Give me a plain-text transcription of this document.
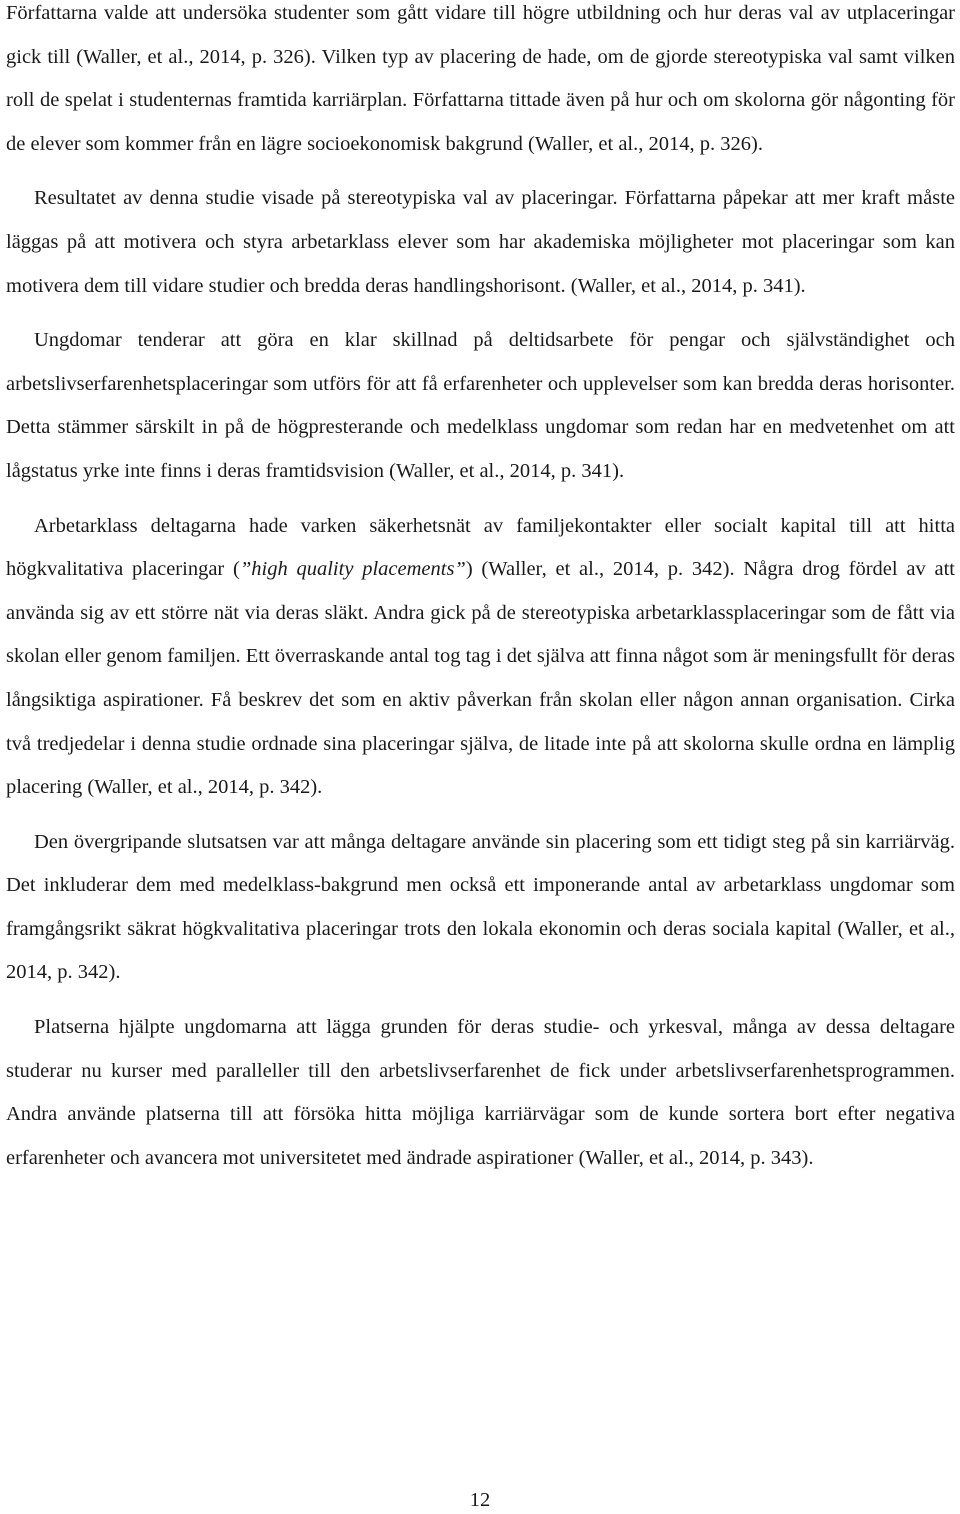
Författarna valde att undersöka studenter som gått vidare till högre utbildning och hur deras val av utplaceringar gick till (Waller, et al., 2014, p. 326). Vilken typ av placering de hade, om de gjorde stereotypiska val samt vilken roll de spelat i studenternas framtida karriärplan. Författarna tittade även på hur och om skolorna gör någonting för de elever som kommer från en lägre socioekonomisk bakgrund (Waller, et al., 2014, p. 326).

Resultatet av denna studie visade på stereotypiska val av placeringar. Författarna påpekar att mer kraft måste läggas på att motivera och styra arbetarklass elever som har akademiska möjligheter mot placeringar som kan motivera dem till vidare studier och bredda deras handlingshorisont. (Waller, et al., 2014, p. 341).

Ungdomar tenderar att göra en klar skillnad på deltidsarbete för pengar och självständighet och arbetslivserfarenhetsplaceringar som utförs för att få erfarenheter och upplevelser som kan bredda deras horisonter. Detta stämmer särskilt in på de högpresterande och medelklass ungdomar som redan har en medvetenhet om att lågstatus yrke inte finns i deras framtidsvision (Waller, et al., 2014, p. 341).

Arbetarklass deltagarna hade varken säkerhetsnät av familjekontakter eller socialt kapital till att hitta högkvalitativa placeringar (”high quality placements”) (Waller, et al., 2014, p. 342). Några drog fördel av att använda sig av ett större nät via deras släkt. Andra gick på de stereotypiska arbetarklassplaceringar som de fått via skolan eller genom familjen. Ett överraskande antal tog tag i det själva att finna något som är meningsfullt för deras långsiktiga aspirationer. Få beskrev det som en aktiv påverkan från skolan eller någon annan organisation. Cirka två tredjedelar i denna studie ordnade sina placeringar själva, de litade inte på att skolorna skulle ordna en lämplig placering (Waller, et al., 2014, p. 342).

Den övergripande slutsatsen var att många deltagare använde sin placering som ett tidigt steg på sin karriärväg. Det inkluderar dem med medelklass-bakgrund men också ett imponerande antal av arbetarklass ungdomar som framgångsrikt säkrat högkvalitativa placeringar trots den lokala ekonomin och deras sociala kapital (Waller, et al., 2014, p. 342).

Platserna hjälpte ungdomarna att lägga grunden för deras studie- och yrkesval, många av dessa deltagare studerar nu kurser med paralleller till den arbetslivserfarenhet de fick under arbetslivserfarenhetsprogrammen. Andra använde platserna till att försöka hitta möjliga karriärvägar som de kunde sortera bort efter negativa erfarenheter och avancera mot universitetet med ändrade aspirationer (Waller, et al., 2014, p. 343).

12
